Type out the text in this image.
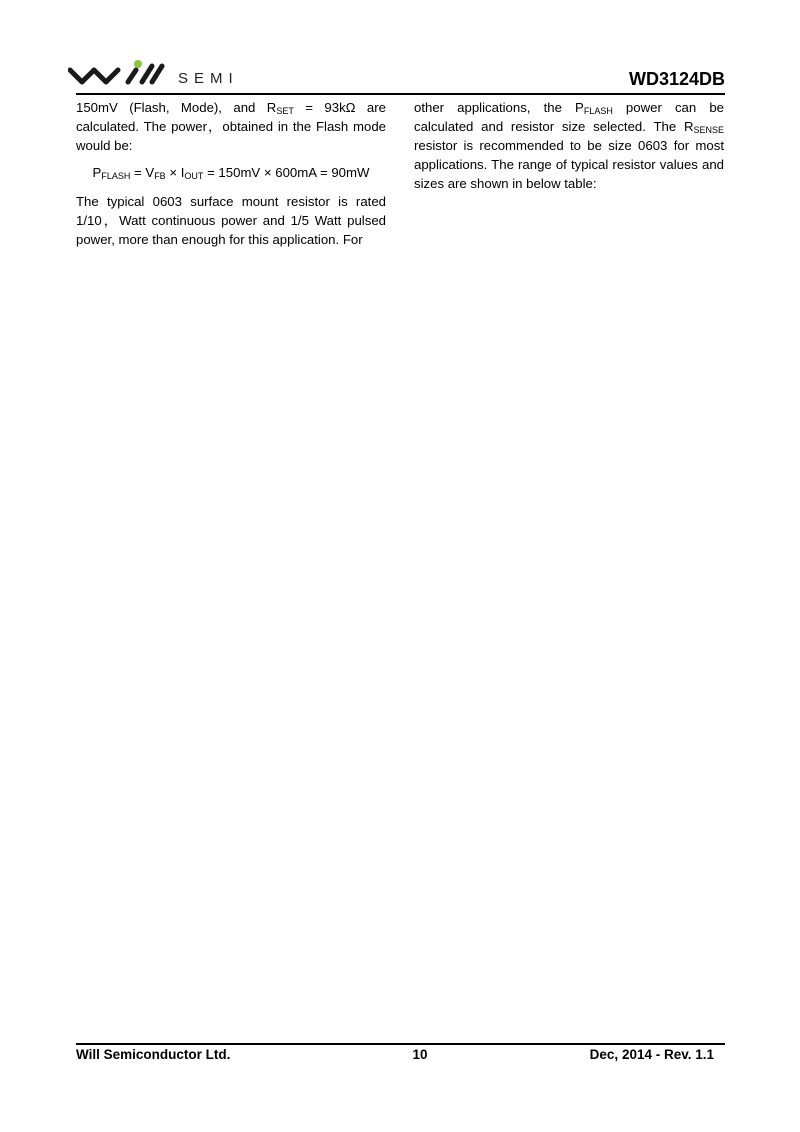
SEMI	WD3124DB

150mV (Flash, Mode), and $R_{SET} = 93k\Omega$ are calculated. The power，obtained in the Flash mode would be:

$P_{FLASH} = V_{FB} \times I_{OUT} = 150mV \times 600mA = 90mW$

The typical 0603 surface mount resistor is rated 1/10，Watt continuous power and 1/5 Watt pulsed power, more than enough for this application. For

other applications, the $P_{FLASH}$ power can be calculated and resistor size selected. The $R_{SENSE}$ resistor is recommended to be size 0603 for most applications. The range of typical resistor values and sizes are shown in below table:

Will Semiconductor Ltd.	10	Dec, 2014 - Rev. 1.1
